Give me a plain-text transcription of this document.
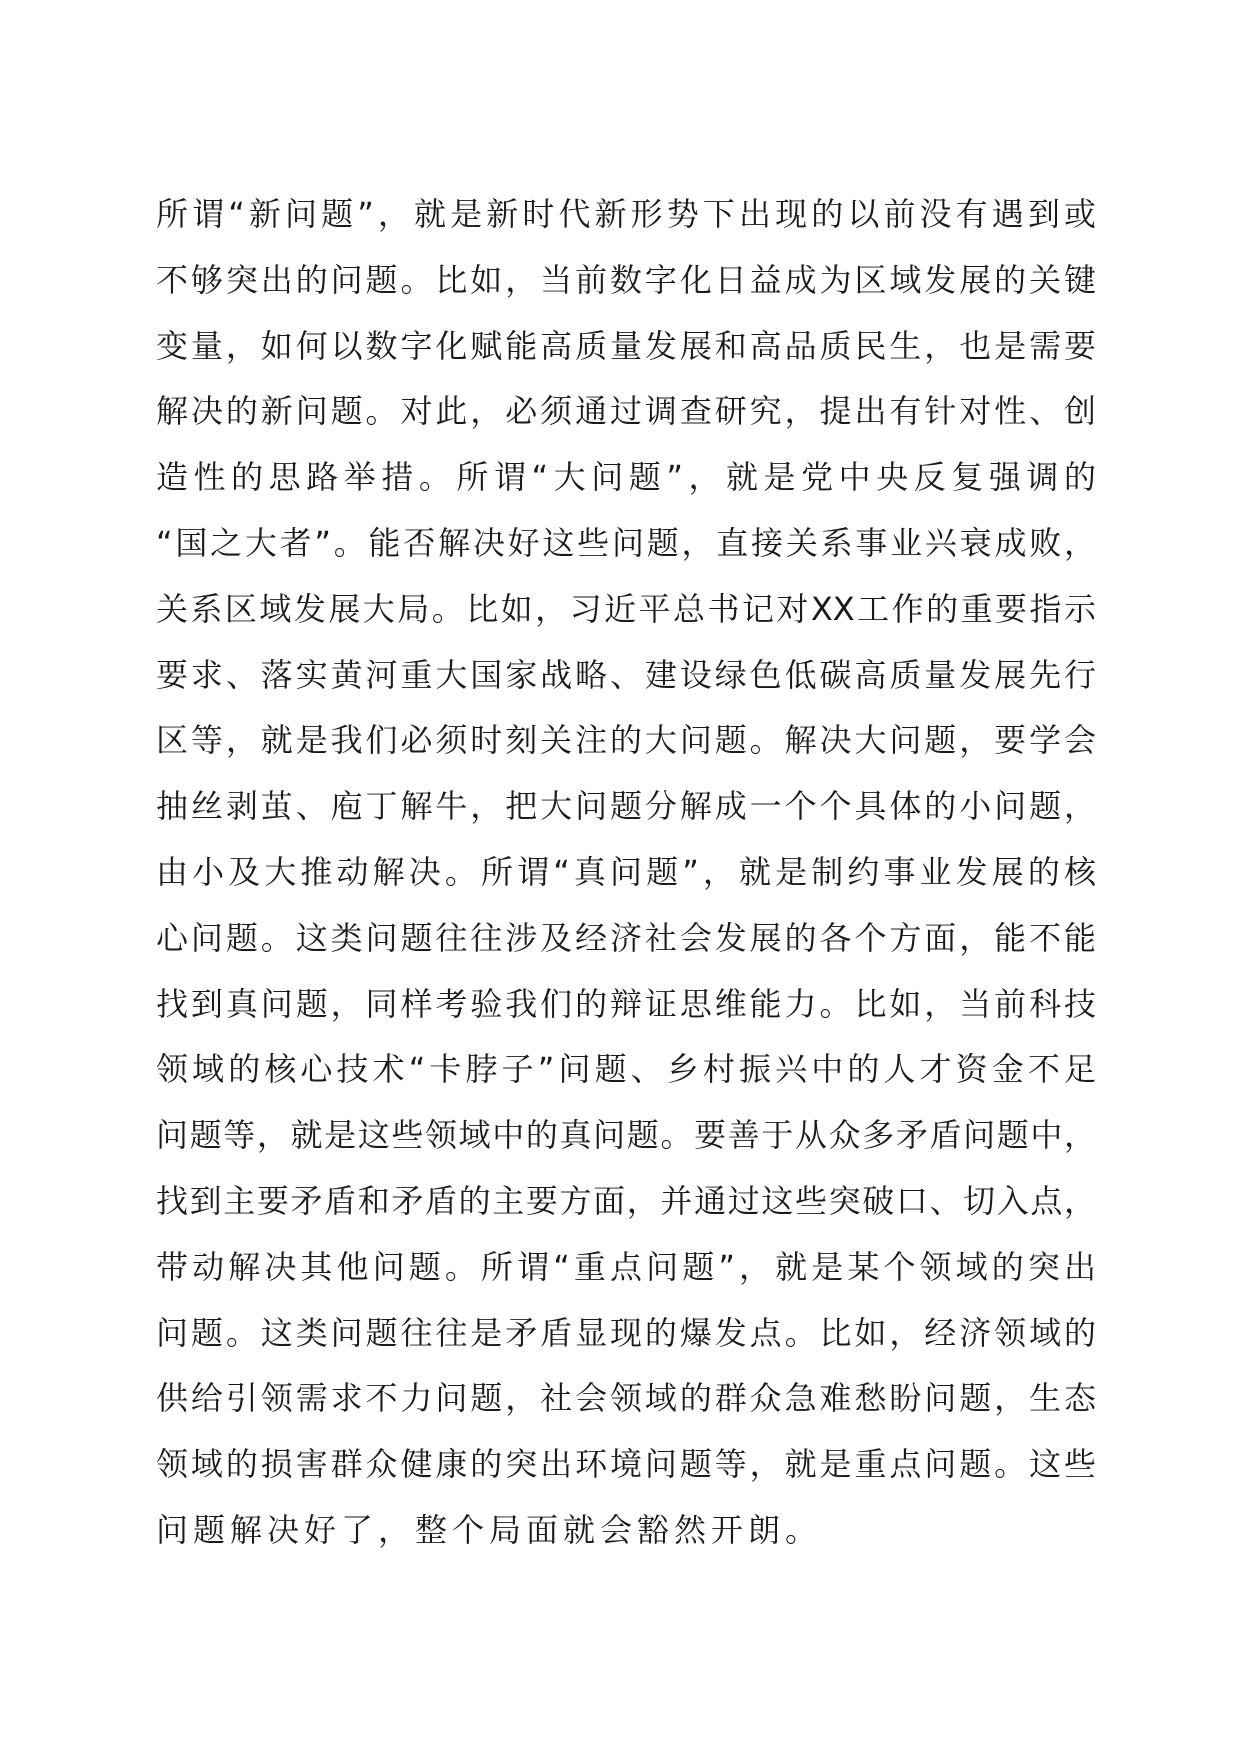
所谓“新问题”，就是新时代新形势下出现的以前没有遇到或
不够突出的问题。比如，当前数字化日益成为区域发展的关键
变量，如何以数字化赋能高质量发展和高品质民生，也是需要
解决的新问题。对此，必须通过调查研究，提出有针对性、创
造性的思路举措。所谓“大问题”，就是党中央反复强调的
“国之大者”。能否解决好这些问题，直接关系事业兴衰成败，
关系区域发展大局。比如，习近平总书记对XX工作的重要指示
要求、落实黄河重大国家战略、建设绿色低碳高质量发展先行
区等，就是我们必须时刻关注的大问题。解决大问题，要学会
抽丝剥茧、庖丁解牛，把大问题分解成一个个具体的小问题，
由小及大推动解决。所谓“真问题”，就是制约事业发展的核
心问题。这类问题往往涉及经济社会发展的各个方面，能不能
找到真问题，同样考验我们的辩证思维能力。比如，当前科技
领域的核心技术“卡脖子”问题、乡村振兴中的人才资金不足
问题等，就是这些领域中的真问题。要善于从众多矛盾问题中，
找到主要矛盾和矛盾的主要方面，并通过这些突破口、切入点，
带动解决其他问题。所谓“重点问题”，就是某个领域的突出
问题。这类问题往往是矛盾显现的爆发点。比如，经济领域的
供给引领需求不力问题，社会领域的群众急难愁盼问题，生态
领域的损害群众健康的突出环境问题等，就是重点问题。这些
问题解决好了，整个局面就会豁然开朗。
